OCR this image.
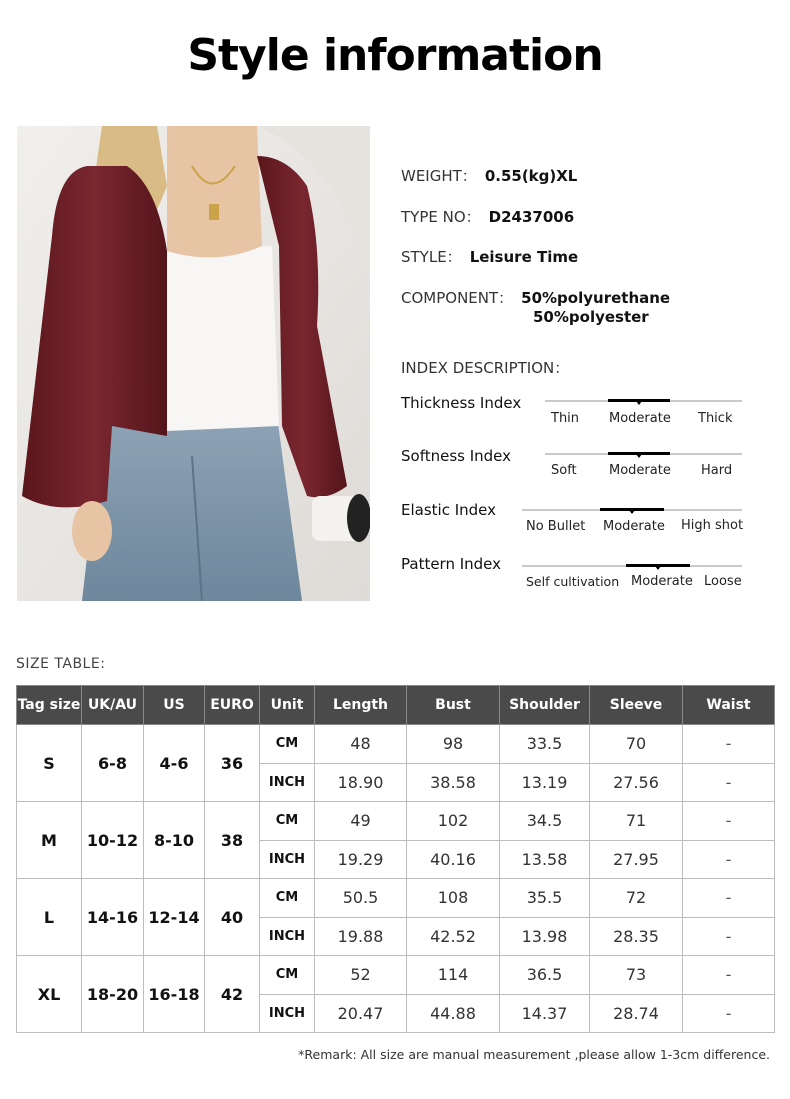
Style information
WEIGHT： 0.55(kg)XL
TYPE NO： D2437006
STYLE： Leisure Time
COMPONENT： 50%polyurethane
50%polyester
INDEX DESCRIPTION：
Thickness Index
Thin Moderate Thick
Softness Index
Soft Moderate Hard
Elastic Index
No Bullet Moderate High shot
Pattern Index
Self cultivation Moderate Loose
SIZE TABLE:
Tag size	UK/AU	US	EURO	Unit	Length	Bust	Shoulder	Sleeve	Waist
S	6-8	4-6	36	CM	48	98	33.5	70	-
				INCH	18.90	38.58	13.19	27.56	-
M	10-12	8-10	38	CM	49	102	34.5	71	-
				INCH	19.29	40.16	13.58	27.95	-
L	14-16	12-14	40	CM	50.5	108	35.5	72	-
				INCH	19.88	42.52	13.98	28.35	-
XL	18-20	16-18	42	CM	52	114	36.5	73	-
				INCH	20.47	44.88	14.37	28.74	-
*Remark: All size are manual measurement ,please allow 1-3cm difference.
